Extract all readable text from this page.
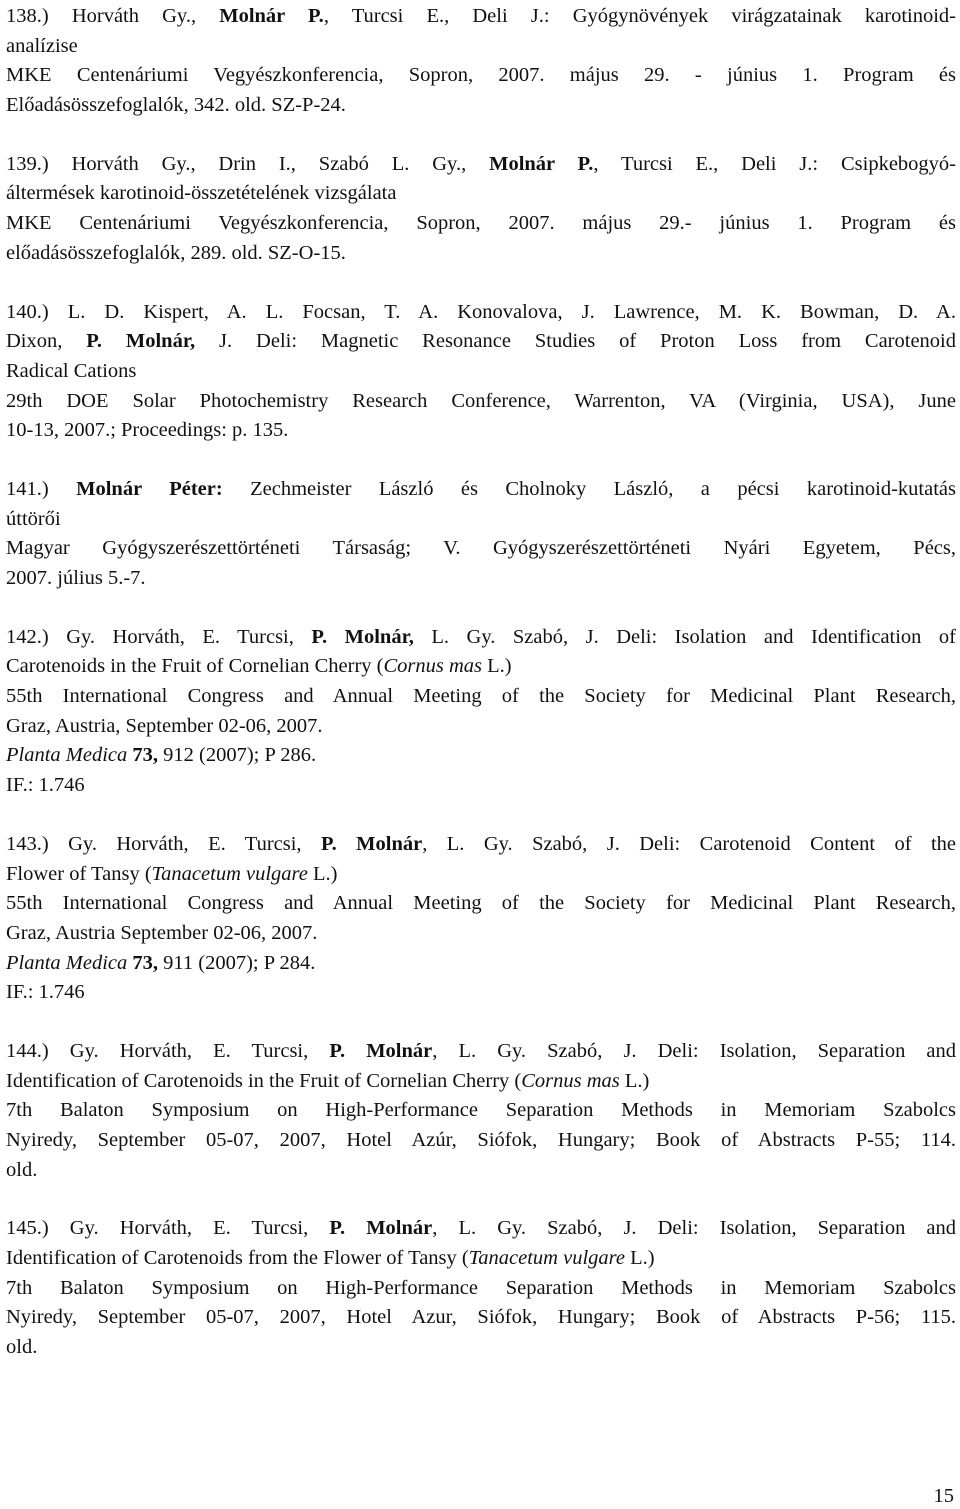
138.) Horváth Gy., Molnár P., Turcsi E., Deli J.: Gyógynövények virágzatainak karotinoid-
analízise
MKE Centenáriumi Vegyészkonferencia, Sopron, 2007. május 29. - június 1. Program és
Előadásösszefoglalók, 342. old. SZ-P-24.
139.) Horváth Gy., Drin I., Szabó L. Gy., Molnár P., Turcsi E., Deli J.: Csipkebogyó-
áltermések karotinoid-összetételének vizsgálata
MKE Centenáriumi Vegyészkonferencia, Sopron, 2007. május 29.- június 1. Program és
előadásösszefoglalók, 289. old. SZ-O-15.
140.) L. D. Kispert, A. L. Focsan, T. A. Konovalova, J. Lawrence, M. K. Bowman, D. A.
Dixon, P. Molnár, J. Deli: Magnetic Resonance Studies of Proton Loss from Carotenoid
Radical Cations
29th DOE Solar Photochemistry Research Conference, Warrenton, VA (Virginia, USA), June
10-13, 2007.; Proceedings: p. 135.
141.) Molnár Péter: Zechmeister László és Cholnoky László, a pécsi karotinoid-kutatás
úttörői
Magyar Gyógyszerészettörténeti Társaság; V. Gyógyszerészettörténeti Nyári Egyetem, Pécs,
2007. július 5.-7.
142.) Gy. Horváth, E. Turcsi, P. Molnár, L. Gy. Szabó, J. Deli: Isolation and Identification of
Carotenoids in the Fruit of Cornelian Cherry (Cornus mas L.)
55th International Congress and Annual Meeting of the Society for Medicinal Plant Research,
Graz, Austria, September 02-06, 2007.
Planta Medica 73, 912 (2007); P 286.
IF.: 1.746
143.) Gy. Horváth, E. Turcsi, P. Molnár, L. Gy. Szabó, J. Deli: Carotenoid Content of the
Flower of Tansy (Tanacetum vulgare L.)
55th International Congress and Annual Meeting of the Society for Medicinal Plant Research,
Graz, Austria September 02-06, 2007.
Planta Medica 73, 911 (2007); P 284.
IF.: 1.746
144.) Gy. Horváth, E. Turcsi, P. Molnár, L. Gy. Szabó, J. Deli: Isolation, Separation and
Identification of Carotenoids in the Fruit of Cornelian Cherry (Cornus mas L.)
7th Balaton Symposium on High-Performance Separation Methods in Memoriam Szabolcs
Nyiredy, September 05-07, 2007, Hotel Azúr, Siófok, Hungary; Book of Abstracts P-55; 114.
old.
145.) Gy. Horváth, E. Turcsi, P. Molnár, L. Gy. Szabó, J. Deli: Isolation, Separation and
Identification of Carotenoids from the Flower of Tansy (Tanacetum vulgare L.)
7th Balaton Symposium on High-Performance Separation Methods in Memoriam Szabolcs
Nyiredy, September 05-07, 2007, Hotel Azur, Siófok, Hungary; Book of Abstracts P-56; 115.
old.
15
